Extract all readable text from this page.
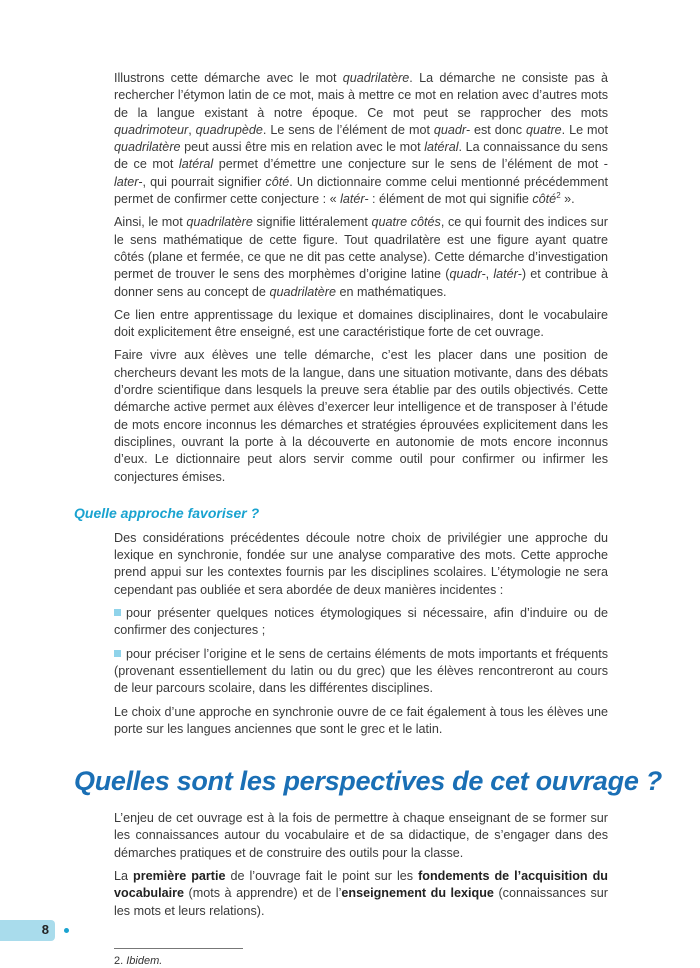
Illustrons cette démarche avec le mot quadrilatère. La démarche ne consiste pas à rechercher l’étymon latin de ce mot, mais à mettre ce mot en relation avec d’autres mots de la langue existant à notre époque. Ce mot peut se rapprocher des mots quadrimoteur, quadrupède. Le sens de l’élément de mot quadr- est donc quatre. Le mot quadrilatère peut aussi être mis en relation avec le mot latéral. La connaissance du sens de ce mot latéral permet d’émettre une conjecture sur le sens de l’élément de mot -later-, qui pourrait signifier côté. Un dictionnaire comme celui mentionné précédemment permet de confirmer cette conjecture : « latér- : élément de mot qui signifie côté$^2$ ».

Ainsi, le mot quadrilatère signifie littéralement quatre côtés, ce qui fournit des indices sur le sens mathématique de cette figure. Tout quadrilatère est une figure ayant quatre côtés (plane et fermée, ce que ne dit pas cette analyse). Cette démarche d’investigation permet de trouver le sens des morphèmes d’origine latine (quadr-, latér-) et contribue à donner sens au concept de quadrilatère en mathématiques.

Ce lien entre apprentissage du lexique et domaines disciplinaires, dont le vocabulaire doit explicitement être enseigné, est une caractéristique forte de cet ouvrage.

Faire vivre aux élèves une telle démarche, c’est les placer dans une position de chercheurs devant les mots de la langue, dans une situation motivante, dans des débats d’ordre scientifique dans lesquels la preuve sera établie par des outils objectivés. Cette démarche active permet aux élèves d’exercer leur intelligence et de transposer à l’étude de mots encore inconnus les démarches et stratégies éprouvées explicitement dans les disciplines, ouvrant la porte à la découverte en autonomie de mots encore inconnus d’eux. Le dictionnaire peut alors servir comme outil pour confirmer ou infirmer les conjectures émises.

Quelle approche favoriser ?

Des considérations précédentes découle notre choix de privilégier une approche du lexique en synchronie, fondée sur une analyse comparative des mots. Cette approche prend appui sur les contextes fournis par les disciplines scolaires. L’étymologie ne sera cependant pas oubliée et sera abordée de deux manières incidentes :

pour présenter quelques notices étymologiques si nécessaire, afin d’induire ou de confirmer des conjectures ;

pour préciser l’origine et le sens de certains éléments de mots importants et fréquents (provenant essentiellement du latin ou du grec) que les élèves rencontreront au cours de leur parcours scolaire, dans les différentes disciplines.

Le choix d’une approche en synchronie ouvre de ce fait également à tous les élèves une porte sur les langues anciennes que sont le grec et le latin.

Quelles sont les perspectives de cet ouvrage ?

L’enjeu de cet ouvrage est à la fois de permettre à chaque enseignant de se former sur les connaissances autour du vocabulaire et de sa didactique, de s’engager dans des démarches pratiques et de construire des outils pour la classe.

La première partie de l’ouvrage fait le point sur les fondements de l’acquisition du vocabulaire (mots à apprendre) et de l’enseignement du lexique (connaissances sur les mots et leurs relations).

2. Ibidem.
8
